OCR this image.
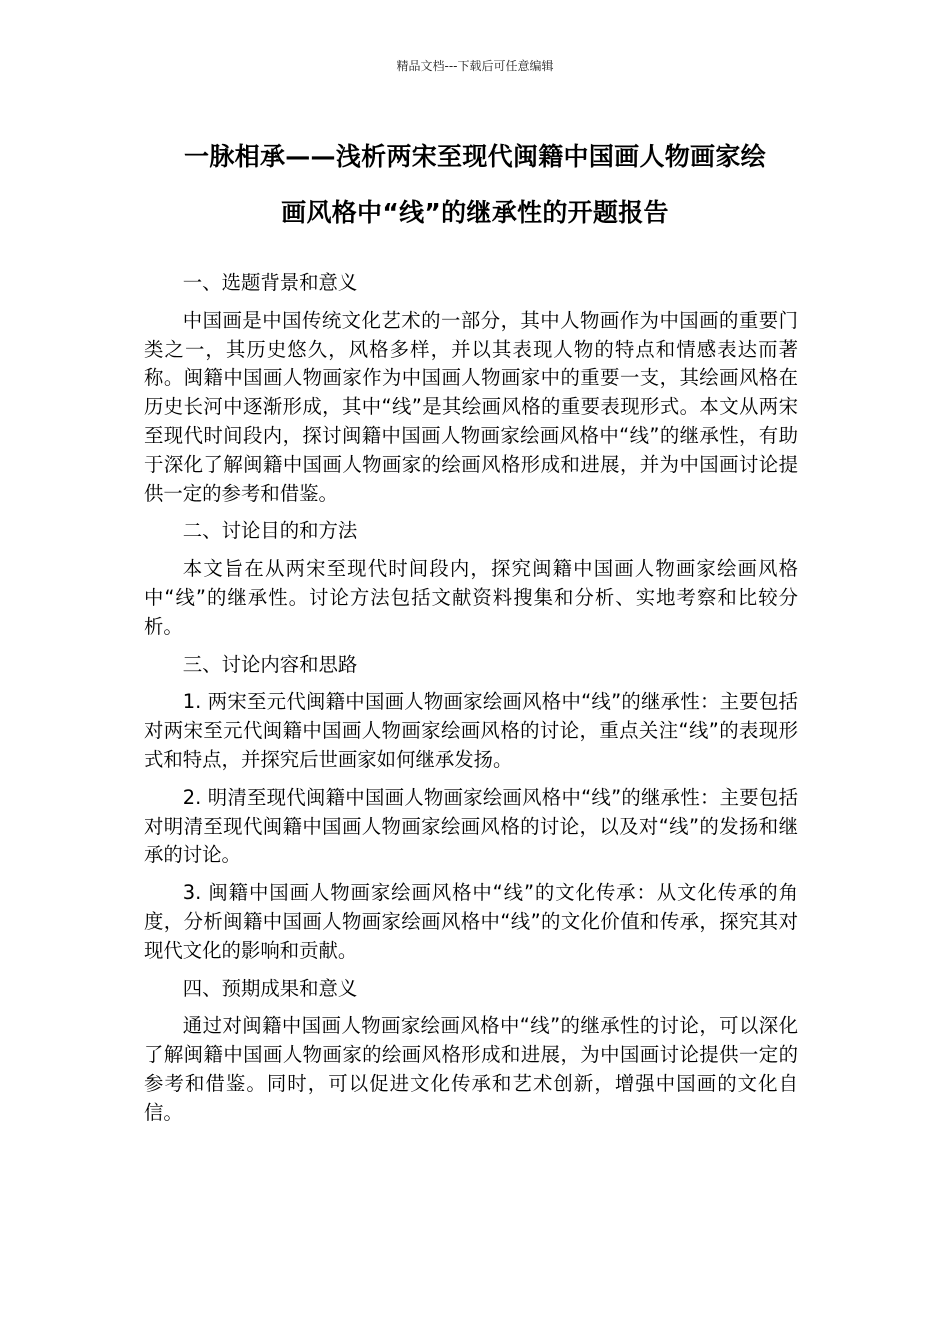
精品文档---下载后可任意编辑
一脉相承——浅析两宋至现代闽籍中国画人物画家绘
画风格中“线”的继承性的开题报告

一、选题背景和意义

中国画是中国传统文化艺术的一部分，其中人物画作为中国画的重要门类之一，其历史悠久，风格多样，并以其表现人物的特点和情感表达而著称。闽籍中国画人物画家作为中国画人物画家中的重要一支，其绘画风格在历史长河中逐渐形成，其中“线”是其绘画风格的重要表现形式。本文从两宋至现代时间段内，探讨闽籍中国画人物画家绘画风格中“线”的继承性，有助于深化了解闽籍中国画人物画家的绘画风格形成和进展，并为中国画讨论提供一定的参考和借鉴。

二、讨论目的和方法

本文旨在从两宋至现代时间段内，探究闽籍中国画人物画家绘画风格中“线”的继承性。讨论方法包括文献资料搜集和分析、实地考察和比较分析。

三、讨论内容和思路

1. 两宋至元代闽籍中国画人物画家绘画风格中“线”的继承性：主要包括对两宋至元代闽籍中国画人物画家绘画风格的讨论，重点关注“线”的表现形式和特点，并探究后世画家如何继承发扬。

2. 明清至现代闽籍中国画人物画家绘画风格中“线”的继承性：主要包括对明清至现代闽籍中国画人物画家绘画风格的讨论，以及对“线”的发扬和继承的讨论。

3. 闽籍中国画人物画家绘画风格中“线”的文化传承：从文化传承的角度，分析闽籍中国画人物画家绘画风格中“线”的文化价值和传承，探究其对现代文化的影响和贡献。

四、预期成果和意义

通过对闽籍中国画人物画家绘画风格中“线”的继承性的讨论，可以深化了解闽籍中国画人物画家的绘画风格形成和进展，为中国画讨论提供一定的参考和借鉴。同时，可以促进文化传承和艺术创新，增强中国画的文化自信。
